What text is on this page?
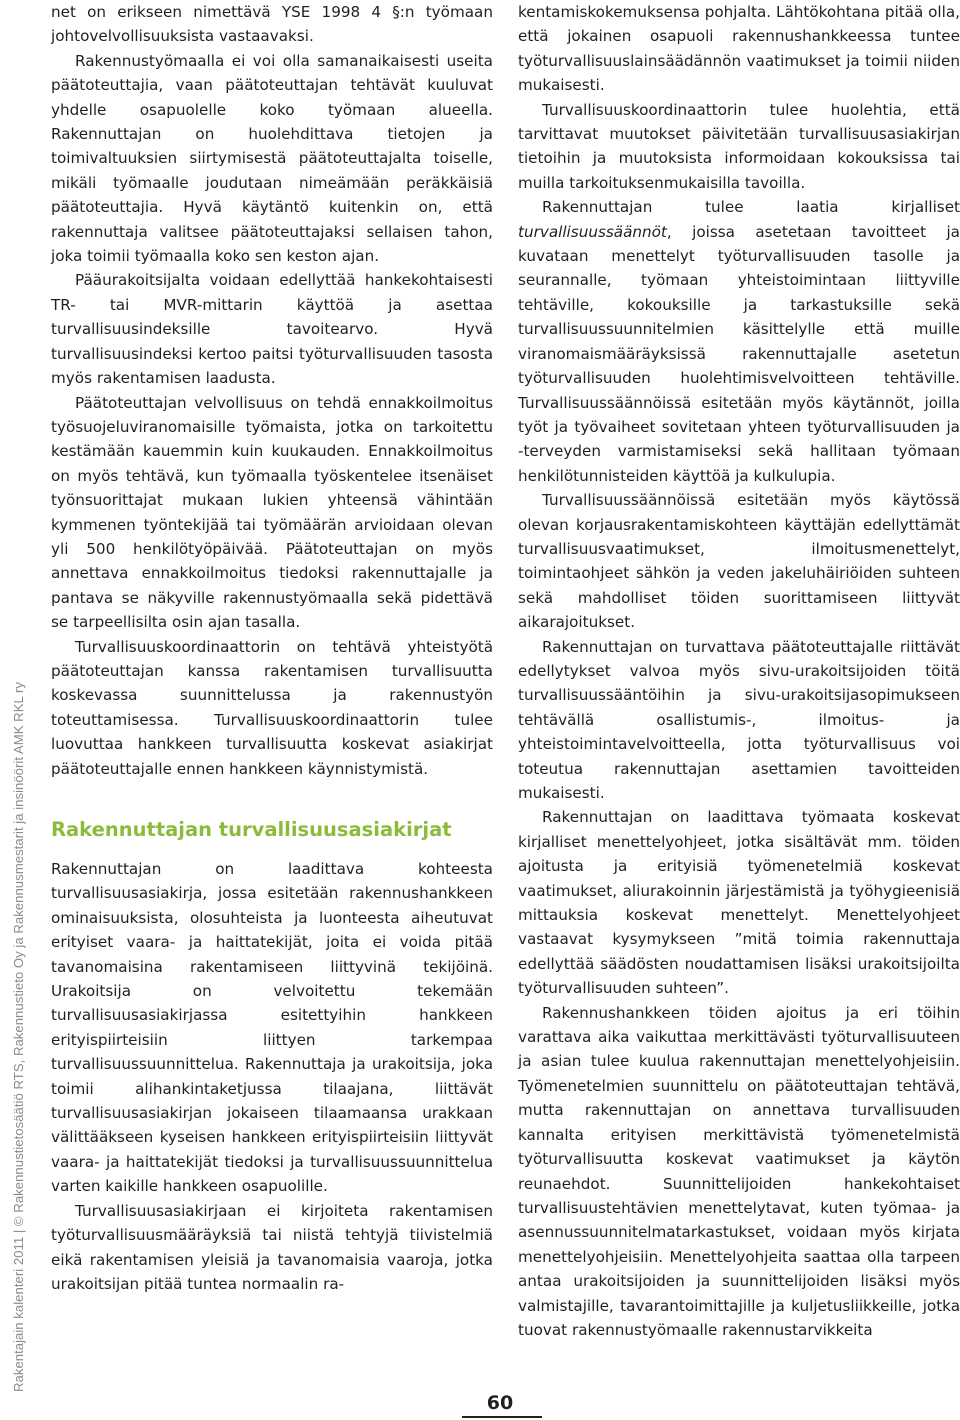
Rakentajain kalenteri 2011 | © Rakennustietosäätiö RTS, Rakennustieto Oy ja Rakennusmestarit ja insinöörit AMK RKL ry

net on erikseen nimettävä YSE 1998 4 §:n työmaan johtovelvollisuuksista vastaavaksi.

Rakennustyömaalla ei voi olla samanaikaisesti useita päätoteuttajia, vaan päätoteuttajan tehtävät kuuluvat yhdelle osapuolelle koko työmaan alueella. Rakennuttajan on huolehdittava tietojen ja toimivaltuuksien siirtymisestä päätoteuttajalta toiselle, mikäli työmaalle joudutaan nimeämään peräkkäisiä päätoteuttajia. Hyvä käytäntö kuitenkin on, että rakennuttaja valitsee päätoteuttajaksi sellaisen tahon, joka toimii työmaalla koko sen keston ajan.

Pääurakoitsijalta voidaan edellyttää hankekohtaisesti TR- tai MVR-mittarin käyttöä ja asettaa turvallisuusindeksille tavoitearvo. Hyvä turvallisuusindeksi kertoo paitsi työturvallisuuden tasosta myös rakentamisen laadusta.

Päätoteuttajan velvollisuus on tehdä ennakkoilmoitus työsuojeluviranomaisille työmaista, jotka on tarkoitettu kestämään kauemmin kuin kuukauden. Ennakkoilmoitus on myös tehtävä, kun työmaalla työskentelee itsenäiset työnsuorittajat mukaan lukien yhteensä vähintään kymmenen työntekijää tai työmäärän arvioidaan olevan yli 500 henkilötyöpäivää. Päätoteuttajan on myös annettava ennakkoilmoitus tiedoksi rakennuttajalle ja pantava se näkyville rakennustyömaalla sekä pidettävä se tarpeellisilta osin ajan tasalla.

Turvallisuuskoordinaattorin on tehtävä yhteistyötä päätoteuttajan kanssa rakentamisen turvallisuutta koskevassa suunnittelussa ja rakennustyön toteuttamisessa. Turvallisuuskoordinaattorin tulee luovuttaa hankkeen turvallisuutta koskevat asiakirjat päätoteuttajalle ennen hankkeen käynnistymistä.

Rakennuttajan turvallisuusasiakirjat

Rakennuttajan on laadittava kohteesta turvallisuusasiakirja, jossa esitetään rakennushankkeen ominaisuuksista, olosuhteista ja luonteesta aiheutuvat erityiset vaara- ja haittatekijät, joita ei voida pitää tavanomaisina rakentamiseen liittyvinä tekijöinä. Urakoitsija on velvoitettu tekemään turvallisuusasiakirjassa esitettyihin hankkeen erityispiirteisiin liittyen tarkempaa turvallisuussuunnittelua. Rakennuttaja ja urakoitsija, joka toimii alihankintaketjussa tilaajana, liittävät turvallisuusasiakirjan jokaiseen tilaamaansa urakkaan välittääkseen kyseisen hankkeen erityispiirteisiin liittyvät vaara- ja haittatekijät tiedoksi ja turvallisuussuunnittelua varten kaikille hankkeen osapuolille.

Turvallisuusasiakirjaan ei kirjoiteta rakentamisen työturvallisuusmääräyksiä tai niistä tehtyjä tiivistelmiä eikä rakentamisen yleisiä ja tavanomaisia vaaroja, jotka urakoitsijan pitää tuntea normaalin ra-

kentamiskokemuksensa pohjalta. Lähtökohtana pitää olla, että jokainen osapuoli rakennushankkeessa tuntee työturvallisuuslainsäädännön vaatimukset ja toimii niiden mukaisesti.

Turvallisuuskoordinaattorin tulee huolehtia, että tarvittavat muutokset päivitetään turvallisuusasiakirjan tietoihin ja muutoksista informoidaan kokouksissa tai muilla tarkoituksenmukaisilla tavoilla.

Rakennuttajan tulee laatia kirjalliset turvallisuussäännöt, joissa asetetaan tavoitteet ja kuvataan menettelyt työturvallisuuden tasolle ja seurannalle, työmaan yhteistoimintaan liittyville tehtäville, kokouksille ja tarkastuksille sekä turvallisuussuunnitelmien käsittelylle että muille viranomaismääräyksissä rakennuttajalle asetetun työturvallisuuden huolehtimisvelvoitteen tehtäville. Turvallisuussäännöissä esitetään myös käytännöt, joilla työt ja työvaiheet sovitetaan yhteen työturvallisuuden ja -terveyden varmistamiseksi sekä hallitaan työmaan henkilötunnisteiden käyttöä ja kulkulupia.

Turvallisuussäännöissä esitetään myös käytössä olevan korjausrakentamiskohteen käyttäjän edellyttämät turvallisuusvaatimukset, ilmoitusmenettelyt, toimintaohjeet sähkön ja veden jakeluhäiriöiden suhteen sekä mahdolliset töiden suorittamiseen liittyvät aikarajoitukset.

Rakennuttajan on turvattava päätoteuttajalle riittävät edellytykset valvoa myös sivu-urakoitsijoiden töitä turvallisuussääntöihin ja sivu-urakoitsijasopimukseen tehtävällä osallistumis-, ilmoitus- ja yhteistoimintavelvoitteella, jotta työturvallisuus voi toteutua rakennuttajan asettamien tavoitteiden mukaisesti.

Rakennuttajan on laadittava työmaata koskevat kirjalliset menettelyohjeet, jotka sisältävät mm. töiden ajoitusta ja erityisiä työmenetelmiä koskevat vaatimukset, aliurakoinnin järjestämistä ja työhygieenisiä mittauksia koskevat menettelyt. Menettelyohjeet vastaavat kysymykseen ”mitä toimia rakennuttaja edellyttää säädösten noudattamisen lisäksi urakoitsijoilta työturvallisuuden suhteen”.

Rakennushankkeen töiden ajoitus ja eri töihin varattava aika vaikuttaa merkittävästi työturvallisuuteen ja asian tulee kuulua rakennuttajan menettelyohjeisiin. Työmenetelmien suunnittelu on päätoteuttajan tehtävä, mutta rakennuttajan on annettava turvallisuuden kannalta erityisen merkittävistä työmenetelmistä työturvallisuutta koskevat vaatimukset ja käytön reunaehdot. Suunnittelijoiden hankekohtaiset turvallisuustehtävien menettelytavat, kuten työmaa- ja asennussuunnitelmatarkastukset, voidaan myös kirjata menettelyohjeisiin. Menettelyohjeita saattaa olla tarpeen antaa urakoitsijoiden ja suunnittelijoiden lisäksi myös valmistajille, tavarantoimittajille ja kuljetusliikkeille, jotka tuovat rakennustyömaalle rakennustarvikkeita

60
